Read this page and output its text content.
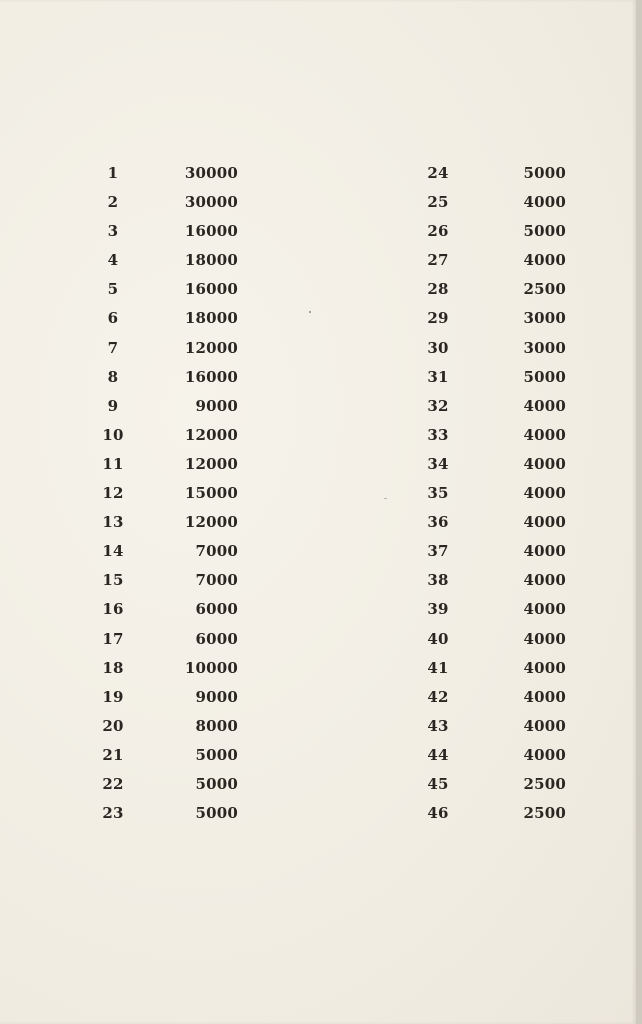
1	30000
2	30000
3	16000
4	18000
5	16000
6	18000
7	12000
8	16000
9	9000
10	12000
11	12000
12	15000
13	12000
14	7000
15	7000
16	6000
17	6000
18	10000
19	9000
20	8000
21	5000
22	5000
23	5000
24	5000
25	4000
26	5000
27	4000
28	2500
29	3000
30	3000
31	5000
32	4000
33	4000
34	4000
35	4000
36	4000
37	4000
38	4000
39	4000
40	4000
41	4000
42	4000
43	4000
44	4000
45	2500
46	2500
